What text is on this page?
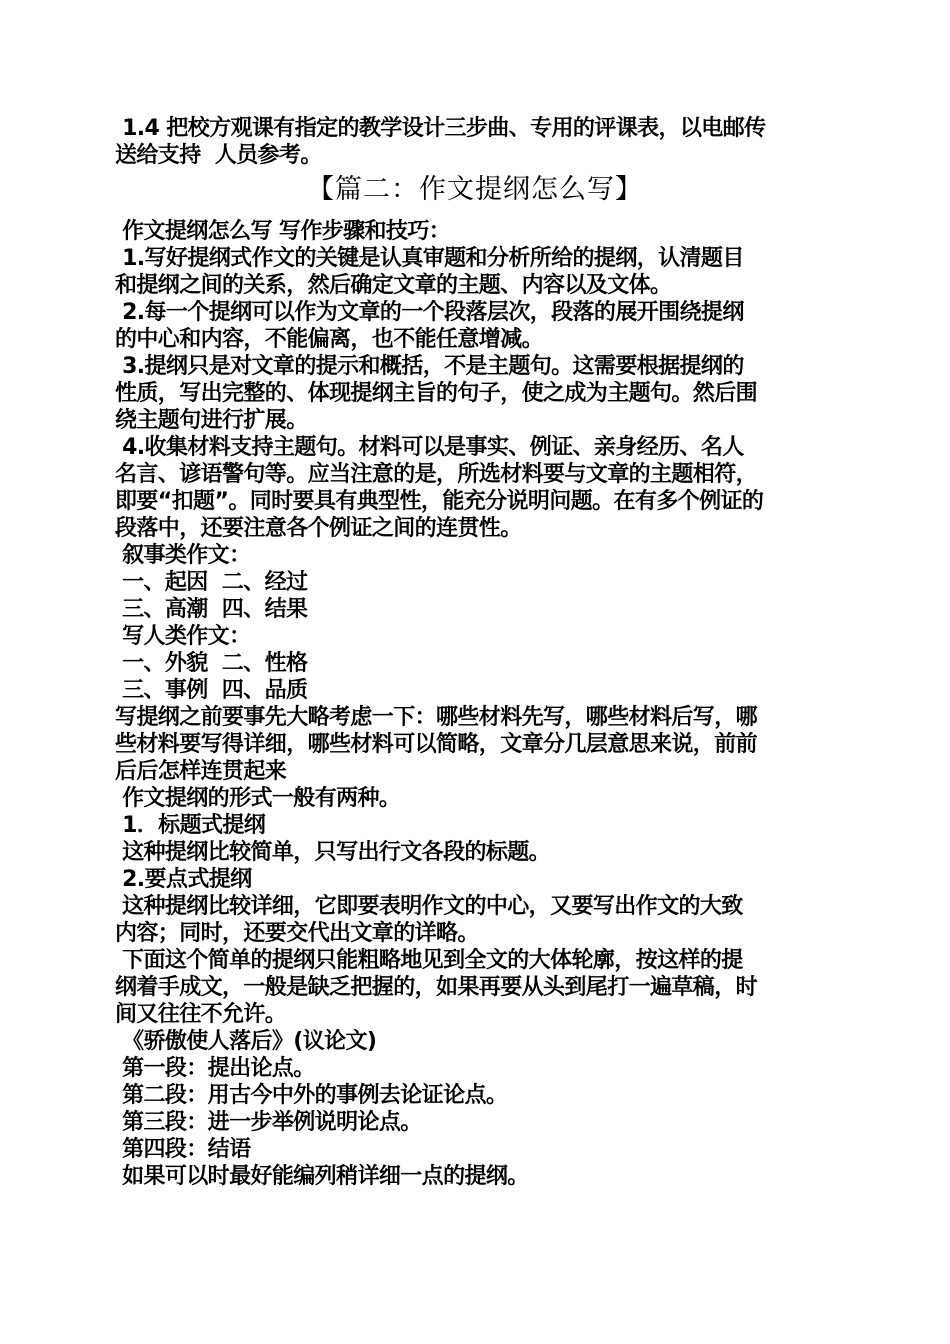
1.4 把校方观课有指定的教学设计三步曲、专用的评课表，以电邮传

送给支持  人员参考。

【篇二：作文提纲怎么写】

作文提纲怎么写 写作步骤和技巧：

1.写好提纲式作文的关键是认真审题和分析所给的提纲，认清题目

和提纲之间的关系，然后确定文章的主题、内容以及文体。

2.每一个提纲可以作为文章的一个段落层次，段落的展开围绕提纲

的中心和内容，不能偏离，也不能任意增减。

3.提纲只是对文章的提示和概括，不是主题句。这需要根据提纲的

性质，写出完整的、体现提纲主旨的句子，使之成为主题句。然后围

绕主题句进行扩展。

4.收集材料支持主题句。材料可以是事实、例证、亲身经历、名人

名言、谚语警句等。应当注意的是，所选材料要与文章的主题相符，

即要“扣题”。同时要具有典型性，能充分说明问题。在有多个例证的

段落中，还要注意各个例证之间的连贯性。

叙事类作文：

一、起因  二、经过

三、高潮  四、结果

写人类作文：

一、外貌  二、性格

三、事例  四、品质

写提纲之前要事先大略考虑一下：哪些材料先写，哪些材料后写，哪

些材料要写得详细，哪些材料可以简略，文章分几层意思来说，前前

后后怎样连贯起来

作文提纲的形式一般有两种。

1．标题式提纲

这种提纲比较简单，只写出行文各段的标题。

2.要点式提纲

这种提纲比较详细，它即要表明作文的中心，又要写出作文的大致

内容；同时，还要交代出文章的详略。

下面这个简单的提纲只能粗略地见到全文的大体轮廓，按这样的提

纲着手成文，一般是缺乏把握的，如果再要从头到尾打一遍草稿，时

间又往往不允许。

《骄傲使人落后》(议论文)

第一段：提出论点。

第二段：用古今中外的事例去论证论点。

第三段：进一步举例说明论点。

第四段：结语

如果可以时最好能编列稍详细一点的提纲。
